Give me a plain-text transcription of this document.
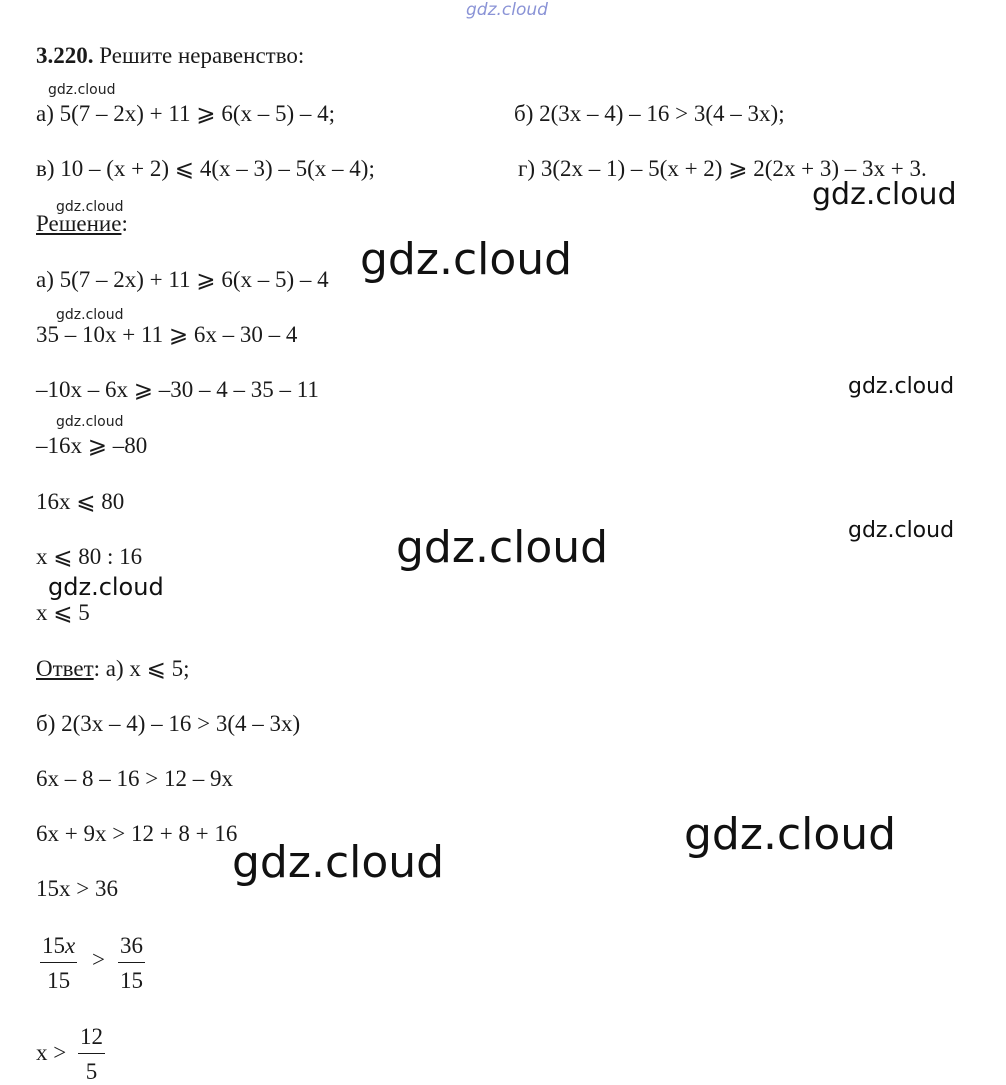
gdz.cloud
3.220. Решите неравенство:
gdz.cloud
а) 5(7 – 2x) + 11 ⩾ 6(x – 5) – 4;	б) 2(3x – 4) – 16 > 3(4 – 3x);
в) 10 – (x + 2) ⩽ 4(x – 3) – 5(x – 4);	г) 3(2x – 1) – 5(x + 2) ⩾ 2(2x + 3) – 3x + 3.
gdz.cloud
gdz.cloud
Решение:
а) 5(7 – 2x) + 11 ⩾ 6(x – 5) – 4 gdz.cloud
gdz.cloud
35 – 10x + 11 ⩾ 6x – 30 – 4
–10x – 6x ⩾ –30 – 4 – 35 – 11	gdz.cloud
gdz.cloud
–16x ⩾ –80
16x ⩽ 80
gdz.cloud
x ⩽ 80 : 16	gdz.cloud
gdz.cloud
x ⩽ 5
Ответ: а) x ⩽ 5;
б) 2(3x – 4) – 16 > 3(4 – 3x)
6x – 8 – 16 > 12 – 9x
6x + 9x > 12 + 8 + 16	gdz.cloud
gdz.cloud
15x > 36
$\frac{15x}{15} > \frac{36}{15}$
$x > \frac{12}{5}$
